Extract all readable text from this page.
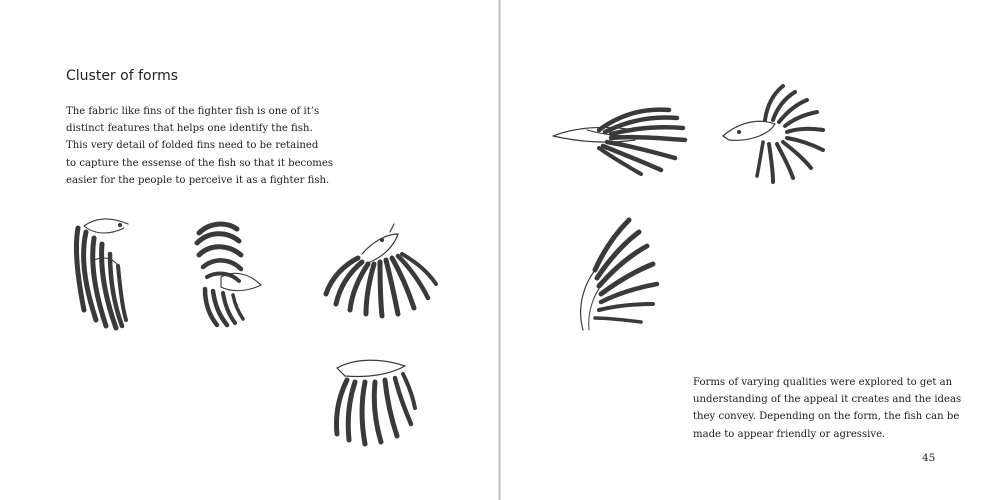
Cluster of forms
The fabric like fins of the fighter fish is one of it’s
distinct features that helps one identify the fish.
This very detail of folded fins need to be retained
to capture the essense of the fish so that it becomes
easier for the people to perceive it as a fighter fish.
Forms of varying qualities were explored to get an
understanding of the appeal it creates and the ideas
they convey. Depending on the form, the fish can be
made to appear friendly or agressive.
45
